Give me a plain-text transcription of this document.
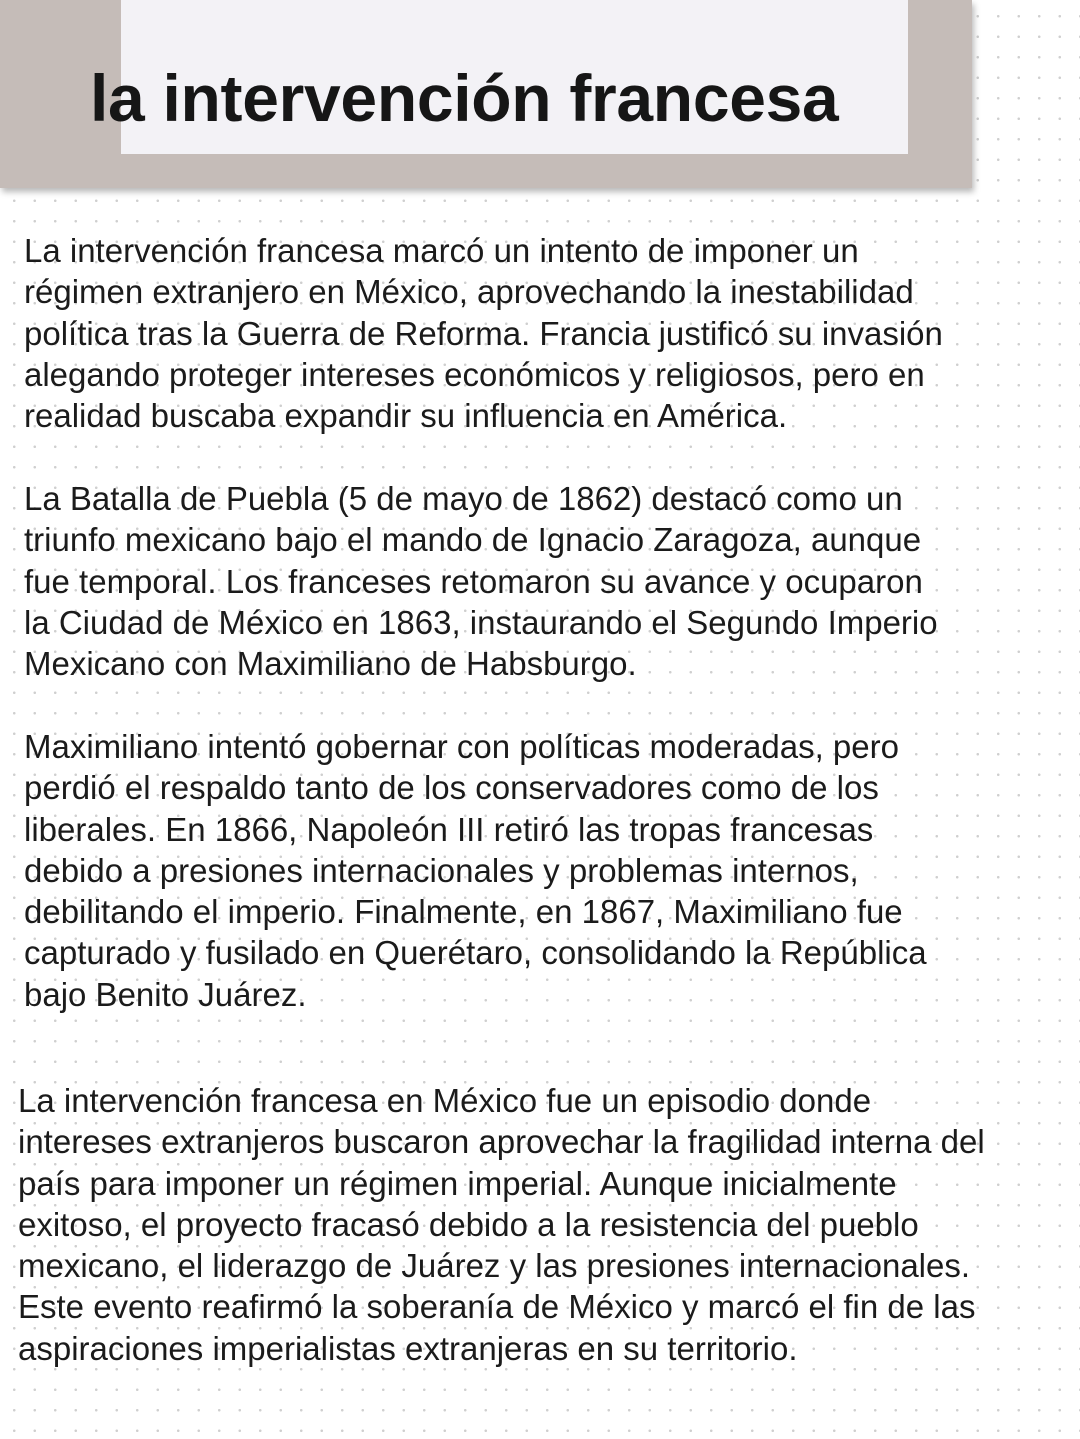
la intervención francesa
La intervención francesa marcó un intento de imponer un
régimen extranjero en México, aprovechando la inestabilidad
política tras la Guerra de Reforma. Francia justificó su invasión
alegando proteger intereses económicos y religiosos, pero en
realidad buscaba expandir su influencia en América.
La Batalla de Puebla (5 de mayo de 1862) destacó como un
triunfo mexicano bajo el mando de Ignacio Zaragoza, aunque
fue temporal. Los franceses retomaron su avance y ocuparon
la Ciudad de México en 1863, instaurando el Segundo Imperio
Mexicano con Maximiliano de Habsburgo.
Maximiliano intentó gobernar con políticas moderadas, pero
perdió el respaldo tanto de los conservadores como de los
liberales. En 1866, Napoleón III retiró las tropas francesas
debido a presiones internacionales y problemas internos,
debilitando el imperio. Finalmente, en 1867, Maximiliano fue
capturado y fusilado en Querétaro, consolidando la República
bajo Benito Juárez.
La intervención francesa en México fue un episodio donde
intereses extranjeros buscaron aprovechar la fragilidad interna del
país para imponer un régimen imperial. Aunque inicialmente
exitoso, el proyecto fracasó debido a la resistencia del pueblo
mexicano, el liderazgo de Juárez y las presiones internacionales.
Este evento reafirmó la soberanía de México y marcó el fin de las
aspiraciones imperialistas extranjeras en su territorio.
